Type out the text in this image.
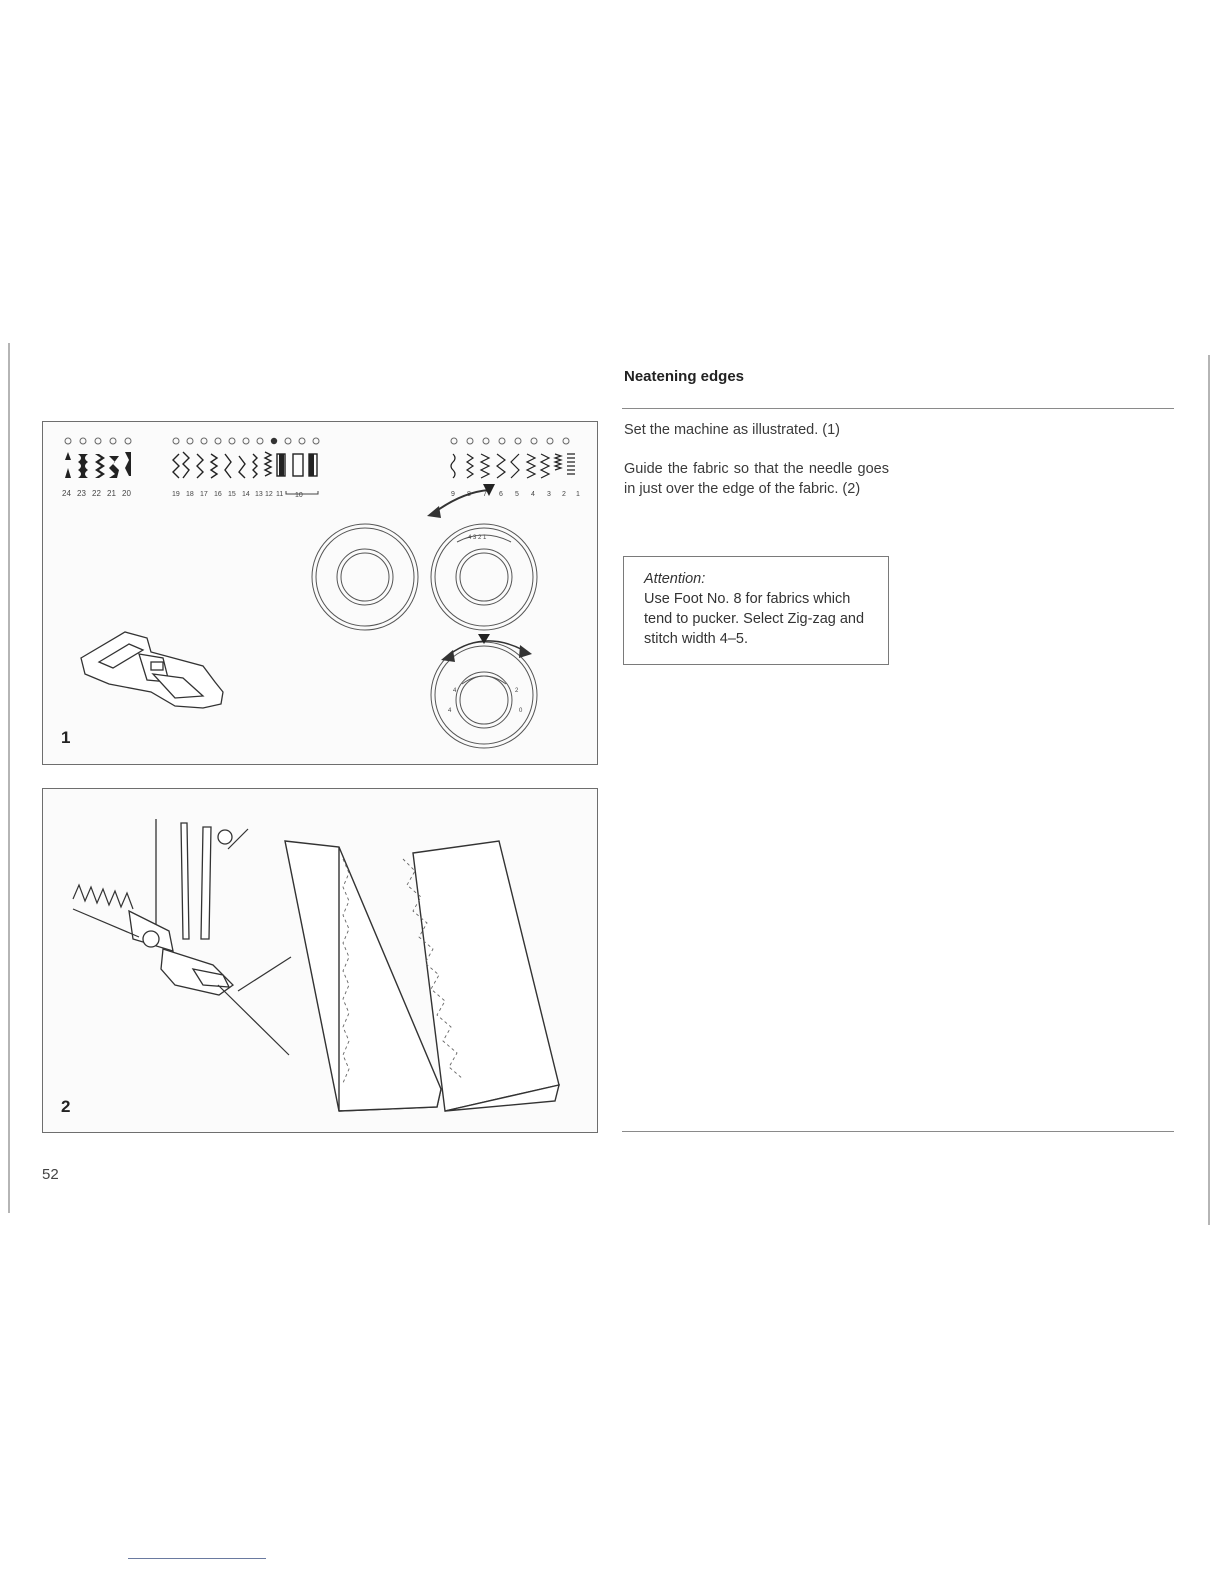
24 23 22 21 20	19 18 17 16 15 14 13 12 11 10	9 8 7 6 5 4 3 2 1
4 3 2 1
4	2
4	0
1
2
52
Neatening edges
Set the machine as illustrated. (1)
Guide the fabric so that the needle goes in just over the edge of the fabric. (2)
Attention:
Use Foot No. 8 for fabrics which tend to pucker. Select Zig-zag and stitch width 4–5.
